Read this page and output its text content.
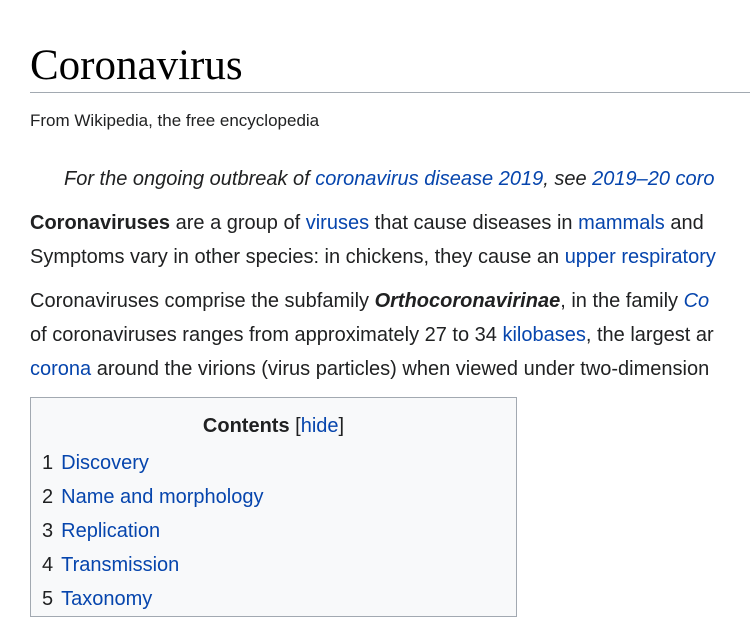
Coronavirus
From Wikipedia, the free encyclopedia
For the ongoing outbreak of coronavirus disease 2019, see 2019–20 coro
Coronaviruses are a group of viruses that cause diseases in mammals and
Symptoms vary in other species: in chickens, they cause an upper respiratory
Coronaviruses comprise the subfamily Orthocoronavirinae, in the family Co
of coronaviruses ranges from approximately 27 to 34 kilobases, the largest ar
corona around the virions (virus particles) when viewed under two-dimension
Contents [hide]
1 Discovery
2 Name and morphology
3 Replication
4 Transmission
5 Taxonomy
